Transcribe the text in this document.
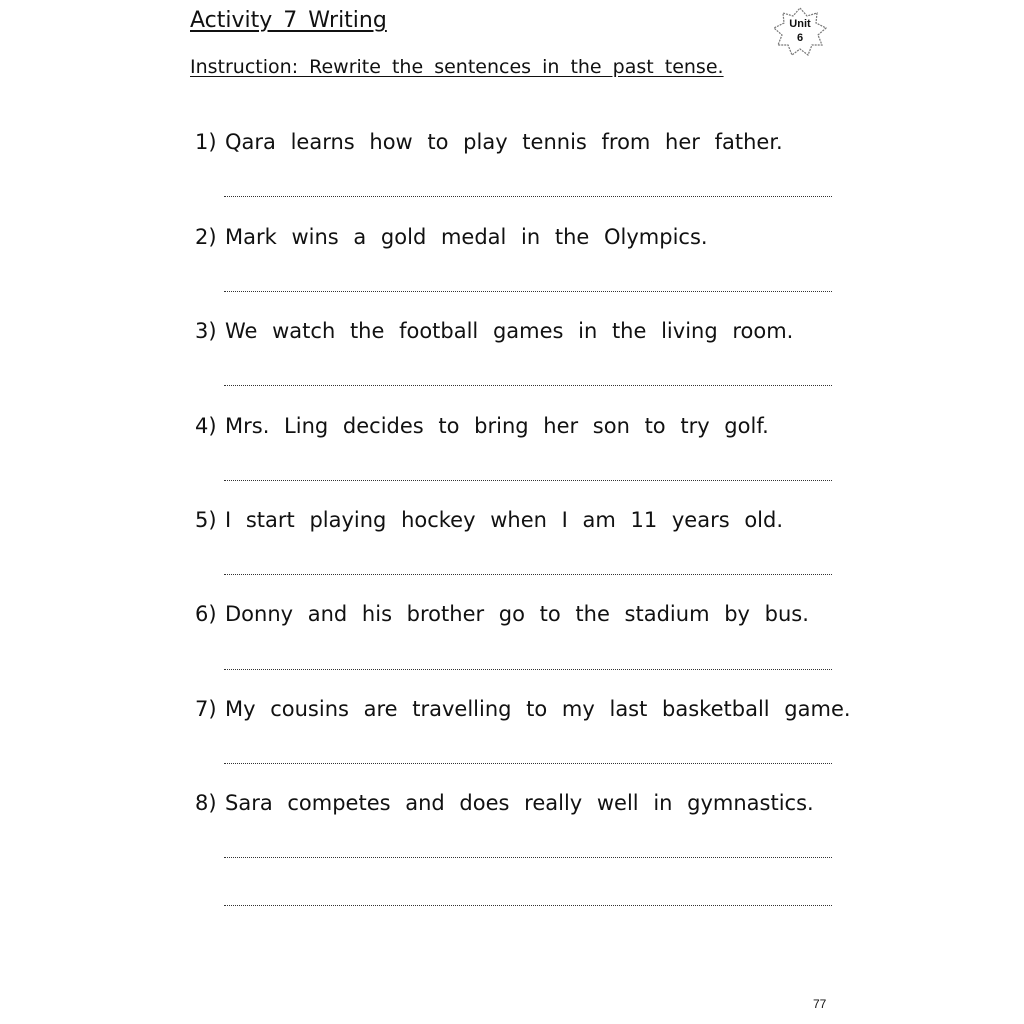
Activity 7 Writing
Instruction: Rewrite the sentences in the past tense.
Unit
6
1) Qara learns how to play tennis from her father.
2) Mark wins a gold medal in the Olympics.
3) We watch the football games in the living room.
4) Mrs. Ling decides to bring her son to try golf.
5) I start playing hockey when I am 11 years old.
6) Donny and his brother go to the stadium by bus.
7) My cousins are travelling to my last basketball game.
8) Sara competes and does really well in gymnastics.
77
